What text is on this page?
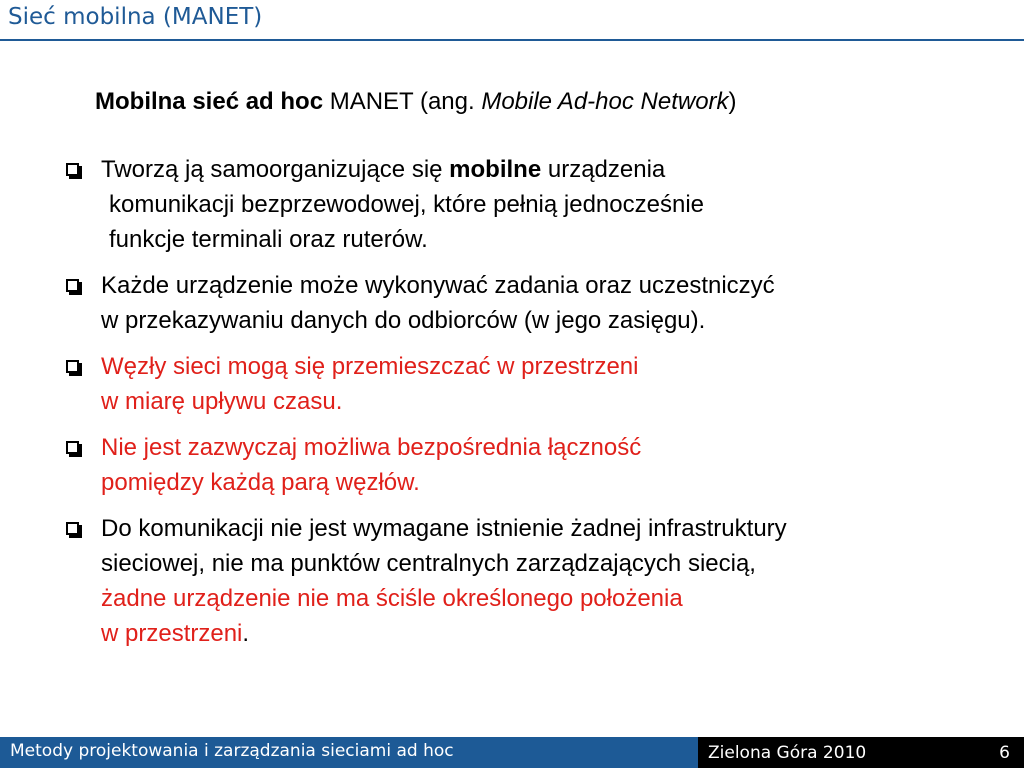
Sieć mobilna (MANET)
Mobilna sieć ad hoc MANET (ang. Mobile Ad-hoc Network)
Tworzą ją samoorganizujące się mobilne urządzenia
komunikacji bezprzewodowej, które pełnią jednocześnie
funkcje terminali oraz ruterów.
Każde urządzenie może wykonywać zadania oraz uczestniczyć
w przekazywaniu danych do odbiorców (w jego zasięgu).
Węzły sieci mogą się przemieszczać w przestrzeni
w miarę upływu czasu.
Nie jest zazwyczaj możliwa bezpośrednia łączność
pomiędzy każdą parą węzłów.
Do komunikacji nie jest wymagane istnienie żadnej infrastruktury
sieciowej, nie ma punktów centralnych zarządzających siecią,
żadne urządzenie nie ma ściśle określonego położenia
w przestrzeni.
Metody projektowania i zarządzania sieciami ad hoc	Zielona Góra 2010	6
